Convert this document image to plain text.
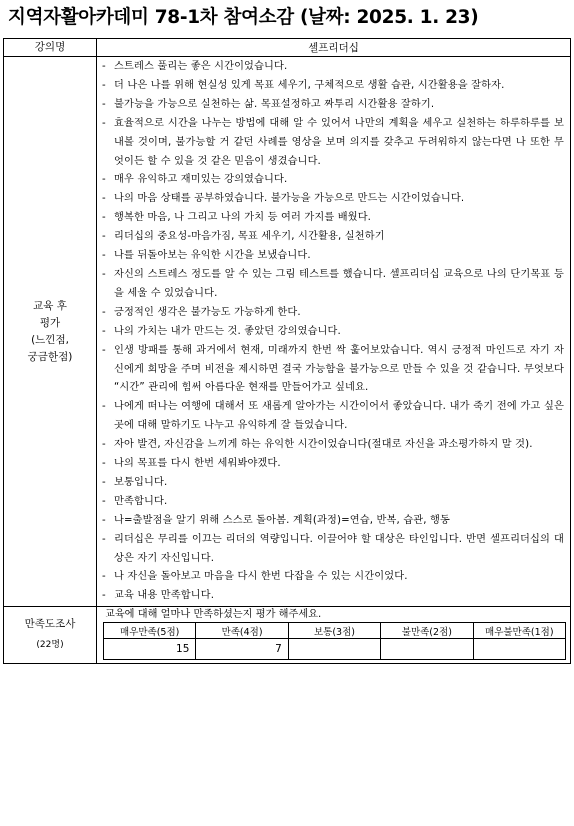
지역자활아카데미 78-1차 참여소감 (날짜: 2025. 1. 23)
강의명	셀프리더십

교육 후
평가
(느낀점,
궁금한점)

- 스트레스 풀리는 좋은 시간이었습니다.
- 더 나은 나를 위해 현실성 있게 목표 세우기, 구체적으로 생활 습관, 시간활용을 잘하자.
- 불가능을 가능으로 실천하는 삶. 목표설정하고 짜투리 시간활용 잘하기.
- 효율적으로 시간을 나누는 방법에 대해 알 수 있어서 나만의 계획을 세우고 실천하는 하루하루를 보내볼 것이며, 불가능할 거 같던 사례를 영상을 보며 의지를 갖추고 두려워하지 않는다면 나 또한 무엇이든 할 수 있을 것 같은 믿음이 생겼습니다.
- 매우 유익하고 재미있는 강의였습니다.
- 나의 마음 상태를 공부하였습니다. 불가능을 가능으로 만드는 시간이었습니다.
- 행복한 마음, 나 그리고 나의 가치 등 여러 가지를 배웠다.
- 리더십의 중요성-마음가짐, 목표 세우기, 시간활용, 실천하기
- 나를 뒤돌아보는 유익한 시간을 보냈습니다.
- 자신의 스트레스 정도를 알 수 있는 그림 테스트를 했습니다. 셀프리더십 교육으로 나의 단기목표 등을 세울 수 있었습니다.
- 긍정적인 생각은 불가능도 가능하게 한다.
- 나의 가치는 내가 만드는 것. 좋았던 강의였습니다.
- 인생 방패를 통해 과거에서 현재, 미래까지 한번 싹 훑어보았습니다. 역시 긍정적 마인드로 자기 자신에게 희망을 주며 비전을 제시하면 결국 가능함을 불가능으로 만들 수 있을 것 같습니다. 무엇보다 “시간” 관리에 힘써 아름다운 현재를 만들어가고 싶네요.
- 나에게 떠나는 여행에 대해서 또 새롭게 알아가는 시간이어서 좋았습니다. 내가 죽기 전에 가고 싶은 곳에 대해 말하기도 나누고 유익하게 잘 들었습니다.
- 자아 발견, 자신감을 느끼게 하는 유익한 시간이었습니다(절대로 자신을 과소평가하지 말 것).
- 나의 목표를 다시 한번 세워봐야겠다.
- 보통입니다.
- 만족합니다.
- 나=출발점을 알기 위해 스스로 돌아봄. 계획(과정)=연습, 반복, 습관, 행동
- 리더십은 무리를 이끄는 리더의 역량입니다. 이끌어야 할 대상은 타인입니다. 반면 셀프리더십의 대상은 자기 자신입니다.
- 나 자신을 돌아보고 마음을 다시 한번 다잡을 수 있는 시간이었다.
- 교육 내용 만족합니다.

만족도조사
(22명)

교육에 대해 얼마나 만족하셨는지 평가 해주세요.
매우만족(5점)	만족(4점)	보통(3점)	불만족(2점)	매우불만족(1점)
15	7			
